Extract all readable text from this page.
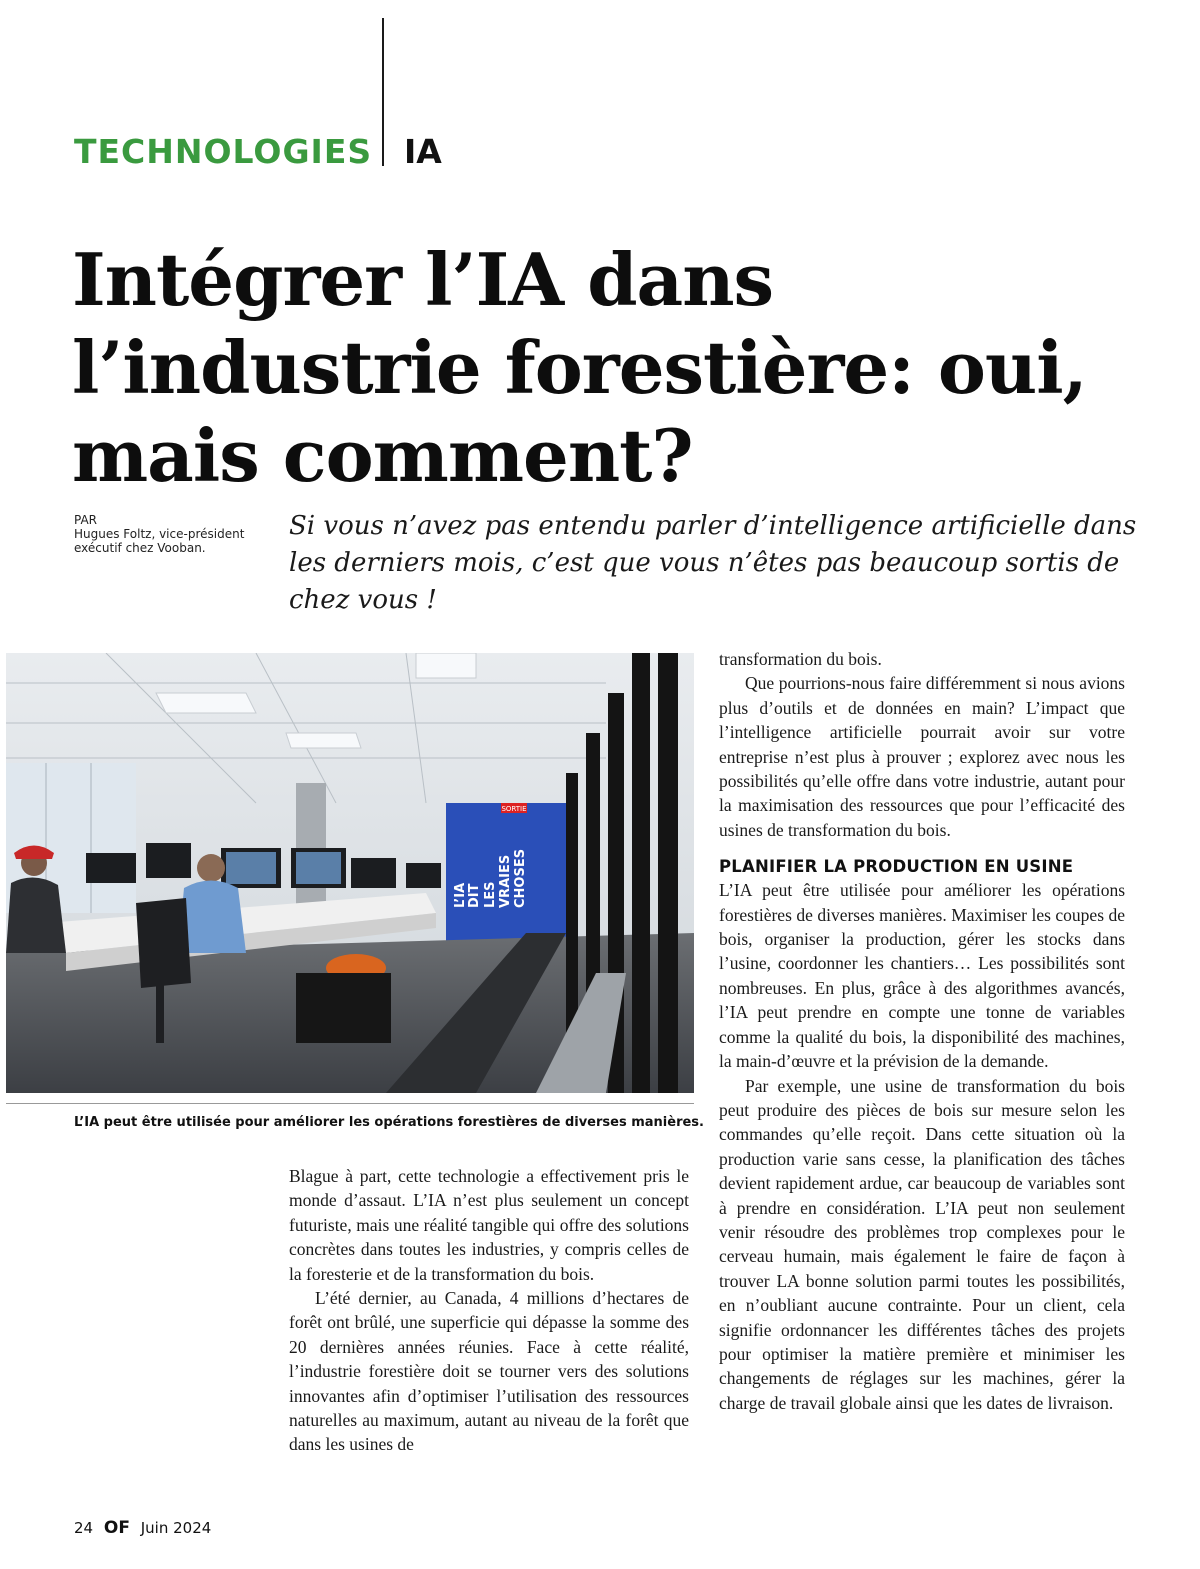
TECHNOLOGIES IA
Intégrer l’IA dans l’industrie forestière: oui, mais comment?
PAR
Hugues Foltz, vice-président
exécutif chez Vooban.

Si vous n’avez pas entendu parler d’intelligence artificielle dans les derniers mois, c’est que vous n’êtes pas beaucoup sortis de chez vous !

L’IA DIT LES VRAIES CHOSES
SORTIE

L’IA peut être utilisée pour améliorer les opérations forestières de diverses manières.

Blague à part, cette technologie a effectivement pris le monde d’assaut. L’IA n’est plus seulement un concept futuriste, mais une réalité tangible qui offre des solutions concrètes dans toutes les industries, y compris celles de la foresterie et de la transformation du bois.

L’été dernier, au Canada, 4 millions d’hectares de forêt ont brûlé, une superficie qui dépasse la somme des 20 dernières années réunies. Face à cette réalité, l’industrie forestière doit se tourner vers des solutions innovantes afin d’optimiser l’utilisation des ressources naturelles au maximum, autant au niveau de la forêt que dans les usines de

transformation du bois.

Que pourrions-nous faire différemment si nous avions plus d’outils et de données en main? L’impact que l’intelligence artificielle pourrait avoir sur votre entreprise n’est plus à prouver ; explorez avec nous les possibilités qu’elle offre dans votre industrie, autant pour la maximisation des ressources que pour l’efficacité des usines de transformation du bois.

PLANIFIER LA PRODUCTION EN USINE

L’IA peut être utilisée pour améliorer les opérations forestières de diverses manières. Maximiser les coupes de bois, organiser la production, gérer les stocks dans l’usine, coordonner les chantiers… Les possibilités sont nombreuses. En plus, grâce à des algorithmes avancés, l’IA peut prendre en compte une tonne de variables comme la qualité du bois, la disponibilité des machines, la main-d’œuvre et la prévision de la demande.

Par exemple, une usine de transformation du bois peut produire des pièces de bois sur mesure selon les commandes qu’elle reçoit. Dans cette situation où la production varie sans cesse, la planification des tâches devient rapidement ardue, car beaucoup de variables sont à prendre en considération. L’IA peut non seulement venir résoudre des problèmes trop complexes pour le cerveau humain, mais également le faire de façon à trouver LA bonne solution parmi toutes les possibilités, en n’oubliant aucune contrainte. Pour un client, cela signifie ordonnancer les différentes tâches des projets pour optimiser la matière première et minimiser les changements de réglages sur les machines, gérer la charge de travail globale ainsi que les dates de livraison.

24 OF Juin 2024
